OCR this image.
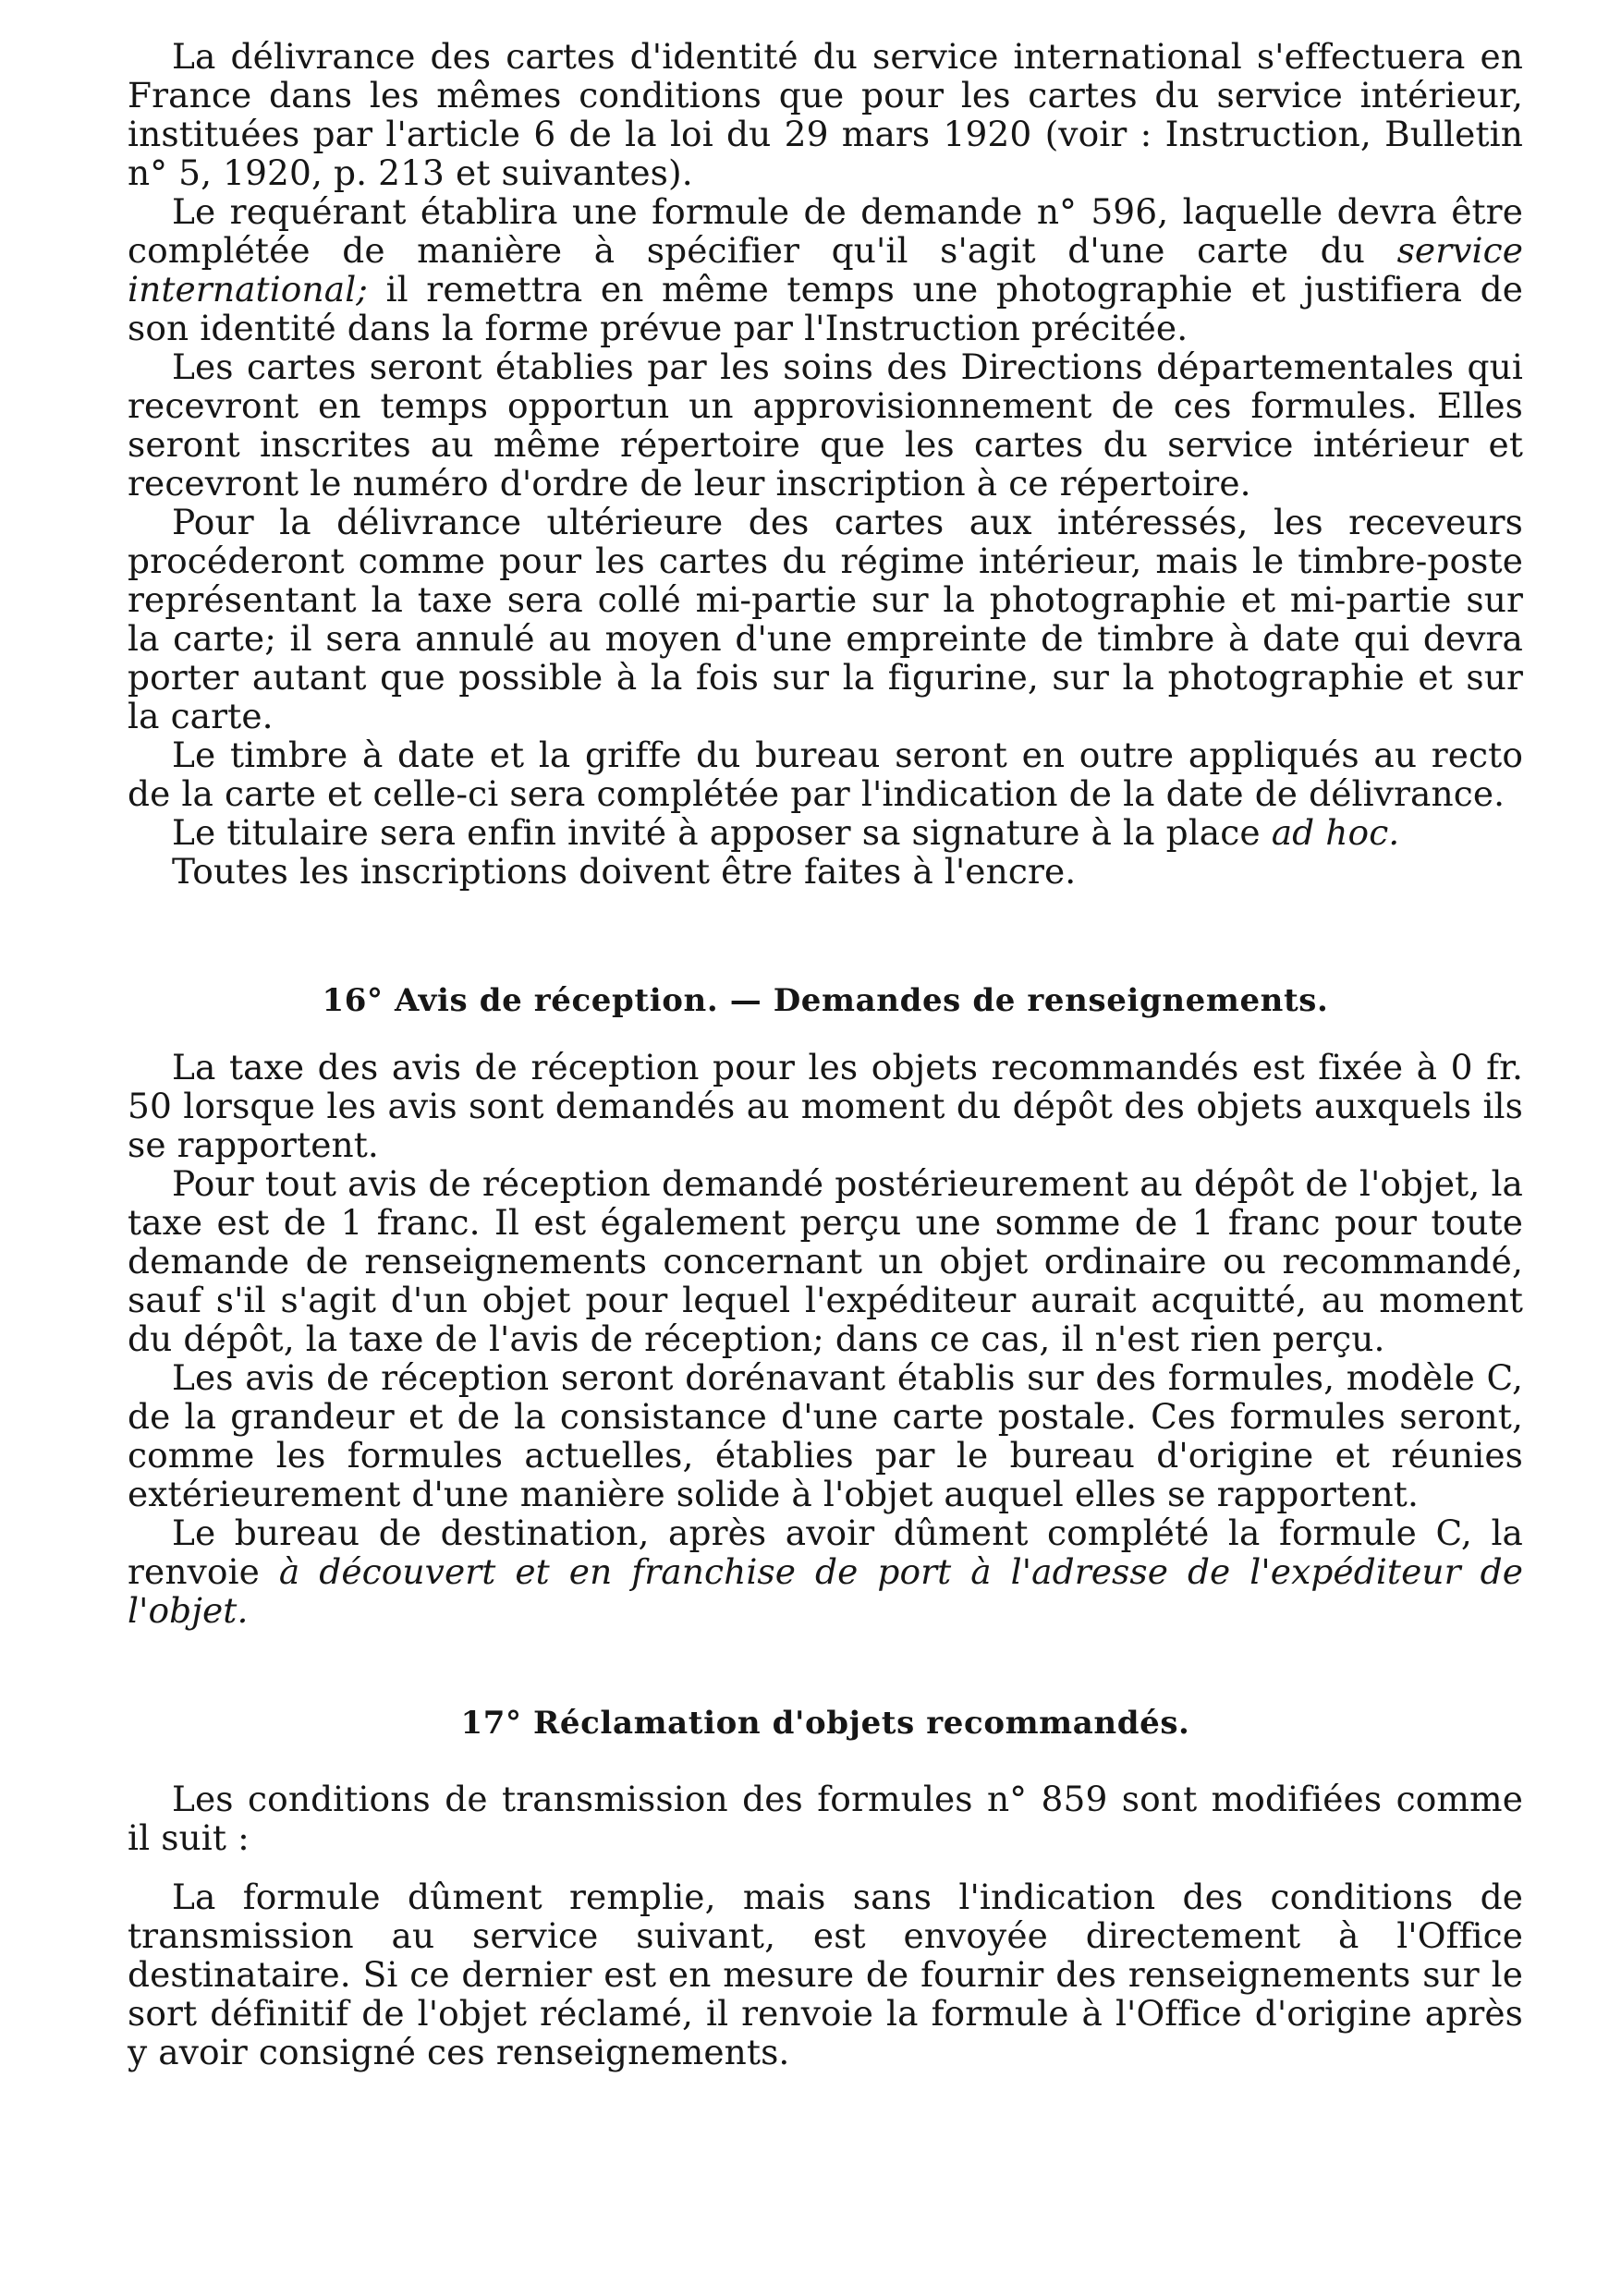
La délivrance des cartes d'identité du service international s'effectuera en France dans les mêmes conditions que pour les cartes du service intérieur, instituées par l'article 6 de la loi du 29 mars 1920 (voir : Instruction, Bulletin n° 5, 1920, p. 213 et suivantes).

Le requérant établira une formule de demande n° 596, laquelle devra être complétée de manière à spécifier qu'il s'agit d'une carte du service international; il remettra en même temps une photographie et justifiera de son identité dans la forme prévue par l'Instruction précitée.

Les cartes seront établies par les soins des Directions départementales qui recevront en temps opportun un approvisionnement de ces formules. Elles seront inscrites au même répertoire que les cartes du service intérieur et recevront le numéro d'ordre de leur inscription à ce répertoire.

Pour la délivrance ultérieure des cartes aux intéressés, les receveurs procéderont comme pour les cartes du régime intérieur, mais le timbre-poste représentant la taxe sera collé mi-partie sur la photographie et mi-partie sur la carte; il sera annulé au moyen d'une empreinte de timbre à date qui devra porter autant que possible à la fois sur la figurine, sur la photographie et sur la carte.

Le timbre à date et la griffe du bureau seront en outre appliqués au recto de la carte et celle-ci sera complétée par l'indication de la date de délivrance.

Le titulaire sera enfin invité à apposer sa signature à la place ad hoc.

Toutes les inscriptions doivent être faites à l'encre.

16° Avis de réception. — Demandes de renseignements.

La taxe des avis de réception pour les objets recommandés est fixée à 0 fr. 50 lorsque les avis sont demandés au moment du dépôt des objets auxquels ils se rapportent.

Pour tout avis de réception demandé postérieurement au dépôt de l'objet, la taxe est de 1 franc. Il est également perçu une somme de 1 franc pour toute demande de renseignements concernant un objet ordinaire ou recommandé, sauf s'il s'agit d'un objet pour lequel l'expéditeur aurait acquitté, au moment du dépôt, la taxe de l'avis de réception; dans ce cas, il n'est rien perçu.

Les avis de réception seront dorénavant établis sur des formules, modèle C, de la grandeur et de la consistance d'une carte postale. Ces formules seront, comme les formules actuelles, établies par le bureau d'origine et réunies extérieurement d'une manière solide à l'objet auquel elles se rapportent.

Le bureau de destination, après avoir dûment complété la formule C, la renvoie à découvert et en franchise de port à l'adresse de l'expéditeur de l'objet.

17° Réclamation d'objets recommandés.

Les conditions de transmission des formules n° 859 sont modifiées comme il suit :

La formule dûment remplie, mais sans l'indication des conditions de transmission au service suivant, est envoyée directement à l'Office destinataire. Si ce dernier est en mesure de fournir des renseignements sur le sort définitif de l'objet réclamé, il renvoie la formule à l'Office d'origine après y avoir consigné ces renseignements.
